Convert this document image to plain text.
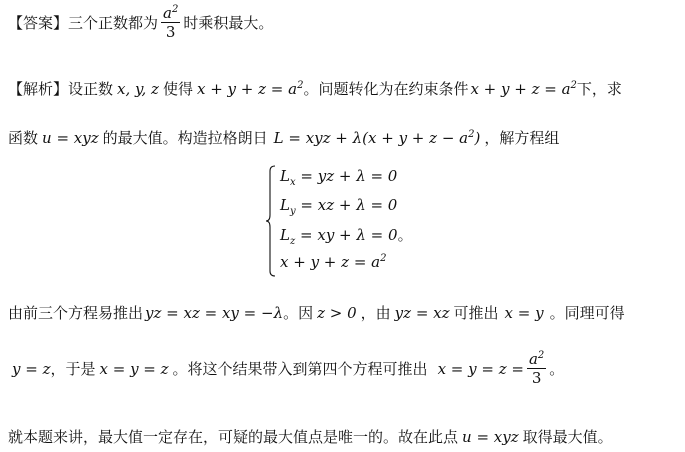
【答案】 三个正数都为 $\frac{a^2}{3}$ 时乘积最大。
【解析】 设正数 x, y, z 使得 $x + y + z = a^2$ 。问题转化为在约束条件 $x + y + z = a^2$ 下，求
函数 u = xyz 的最大值。构造拉格朗日 L = xyz + $\lambda(x + y + z - a^2)$ ，解方程组
$L_x$ = yz + λ = 0
$L_y$ = xz + λ = 0
$L_z$ = xy + λ = 0。
$x + y + z = a^2$
由前三个方程易推出 yz = xz = xy = −λ 。因 z > 0 ，由 yz = xz 可推出 x = y 。同理可得
y = z ，于是 x = y = z 。将这个结果带入到第四个方程可推出 $x = y = z = \frac{a^2}{3}$ 。
就本题来讲，最大值一定存在，可疑的最大值点是唯一的。故在此点 u = xyz 取得最大值。
